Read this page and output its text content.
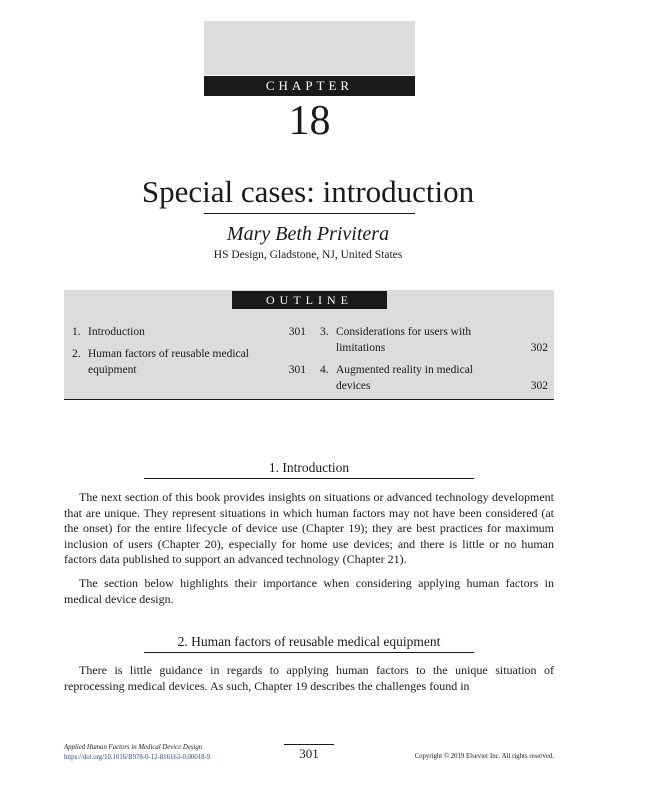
CHAPTER
18
Special cases: introduction
Mary Beth Privitera
HS Design, Gladstone, NJ, United States
OUTLINE
1. Introduction	301
2. Human factors of reusable medical
equipment	301
3. Considerations for users with
limitations	302
4. Augmented reality in medical
devices	302
1. Introduction

The next section of this book provides insights on situations or advanced technology development that are unique. They represent situations in which human factors may not have been considered (at the onset) for the entire lifecycle of device use (Chapter 19); they are best practices for maximum inclusion of users (Chapter 20), especially for home use devices; and there is little or no human factors data published to support an advanced technology (Chapter 21).

The section below highlights their importance when considering applying human factors in medical device design.

2. Human factors of reusable medical equipment

There is little guidance in regards to applying human factors to the unique situation of reprocessing medical devices. As such, Chapter 19 describes the challenges found in

Applied Human Factors in Medical Device Design
https://doi.org/10.1016/B978-0-12-816163-0.00018-9	301	Copyright © 2019 Elsevier Inc. All rights reserved.
